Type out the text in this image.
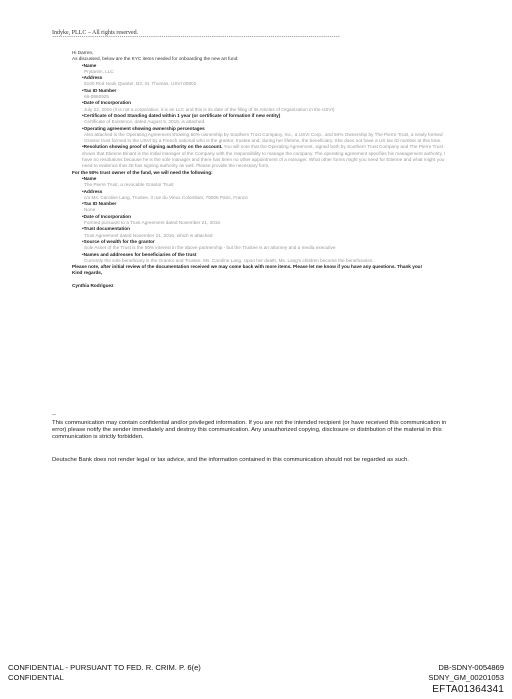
Indyke, PLLC – All rights reserved.
*****************************************************************************************************************************************

Hi Darren,

As discussed, below are the KYC items needed for onboarding the new art fund:

•Name

Prytanim, LLC

•Address

6100 Red Hook Quarter, B3, St. Thomas, USVI 00802

•Tax ID Number

66-0860925

•Date of Incorporation

July 22, 2016 (it is not a corporation, it is an LLC and this is its date of the filing of its Articles of Organization in the USVI)

•Certificate of Good Standing dated within 1 year (or certificate of formation if new entity)

Certificate of Existence, dated August 5, 2016, is attached.

•Operating agreement showing ownership percentages

Also attached is the Operating Agreement showing 50% ownership by Southern Trust Company, Inc., a USVI Corp., and 50% Ownership by The Pierre Trust, a newly formed Grantor trust formed in the USVI by a French national who is the grantor, trustee and, during her lifetime, the beneficiary. She does not have a US tax ID number at this time.

•Resolution showing proof of signing authority on the account. You will note that the Operating Agreement, signed both by Southern Trust Company and The Pierre Trust shows that Etienne Binant is the initial manager of the Company with the responsibility to manage the company. The operating agreement specifies his management authority. I have no resolutions because he is the sole manager and there has been no other appointment of a manager. What other forms might you need for Etienne and what might you need to evidence that JE has signing authority as well. Please provide the necessary form.

For the 50% trust owner of the fund, we will need the following:

•Name

The Pierre Trust, a revocable Grantor Trust

•Address

c/o Ms. Caroline Lang, Trustee, 3 rue du Vieux Colombier, 75006 Paris, France

•Tax ID Number

None

•Date of Incorporation

Formed pursuant to a Trust Agreement dated November 21, 2016

•Trust documentation

Trust Agreement dated November 21, 2016, which is attached

•Source of wealth for the grantor

Sole Asset of the Trust is the 50% interest in the above partnership - but the Trustee is an attorney and a media executive

•Names and addresses for beneficiaries of the trust

Currently the sole beneficiary is the Grantor and Trustee, Ms. Caroline Lang. Upon her death, Ms. Lang's children become the beneficiaries.

Please note, after initial review of the documentation received we may come back with more items. Please let me know if you have any questions. Thank you!

Kind regards,

Cynthia Rodriguez

--
This communication may contain confidential and/or privileged information. If you are not the intended recipient (or have received this communication in error) please notify the sender immediately and destroy this communication. Any unauthorized copying, disclosure or distribution of the material in this communication is strictly forbidden.
Deutsche Bank does not render legal or tax advice, and the information contained in this communication should not be regarded as such.
CONFIDENTIAL - PURSUANT TO FED. R. CRIM. P. 6(e)
CONFIDENTIAL
DB-SDNY-0054869
SDNY_GM_00201053
EFTA01364341
